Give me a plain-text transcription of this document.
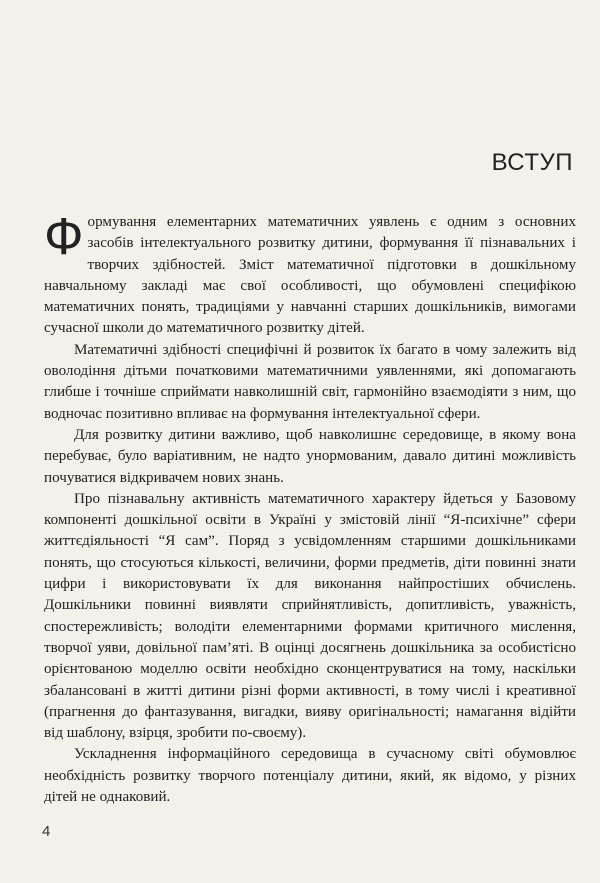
ВСТУП

Формування елементарних математичних уявлень є одним з основних засобів інтелектуального розвитку дитини, формування її пізнавальних і творчих здібностей. Зміст математичної підготовки в дошкільному навчальному закладі має свої особливості, що обумовлені специфікою математичних понять, традиціями у навчанні старших дошкільників, вимогами сучасної школи до математичного розвитку дітей.

Математичні здібності специфічні й розвиток їх багато в чому залежить від оволодіння дітьми початковими математичними уявленнями, які допомагають глибше і точніше сприймати навколишній світ, гармонійно взаємодіяти з ним, що водночас позитивно впливає на формування інтелектуальної сфери.

Для розвитку дитини важливо, щоб навколишнє середовище, в якому вона перебуває, було варіативним, не надто унормованим, давало дитині можливість почуватися відкривачем нових знань.

Про пізнавальну активність математичного характеру йдеться у Базовому компоненті дошкільної освіти в Україні у змістовій лінії “Я-психічне” сфери життєдіяльності “Я сам”. Поряд з усвідомленням старшими дошкільниками понять, що стосуються кількості, величини, форми предметів, діти повинні знати цифри і використовувати їх для виконання найпростіших обчислень. Дошкільники повинні виявляти сприйнятливість, допитливість, уважність, спостережливість; володіти елементарними формами критичного мислення, творчої уяви, довільної пам’яті. В оцінці досягнень дошкільника за особистісно орієнтованою моделлю освіти необхідно сконцентруватися на тому, наскільки збалансовані в житті дитини різні форми активності, в тому числі і креативної (прагнення до фантазування, вигадки, вияву оригінальності; намагання відійти від шаблону, взірця, зробити по-своєму).

Ускладнення інформаційного середовища в сучасному світі обумовлює необхідність розвитку творчого потенціалу дитини, який, як відомо, у різних дітей не однаковий.

4
